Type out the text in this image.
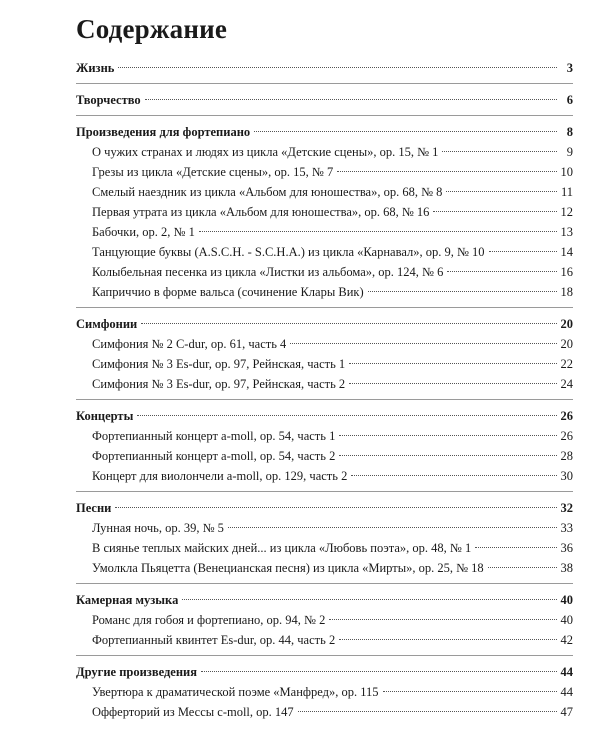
Содержание
Жизнь	3
Творчество	6
Произведения для фортепиано	8
О чужих странах и людях из цикла «Детские сцены», op. 15, № 1	9
Грезы из цикла «Детские сцены», op. 15, № 7	10
Смелый наездник из цикла «Альбом для юношества», op. 68, № 8	11
Первая утрата из цикла «Альбом для юношества», op. 68, № 16	12
Бабочки, op. 2, № 1	13
Танцующие буквы (A.S.C.H. - S.C.H.A.) из цикла «Карнавал», op. 9, № 10	14
Колыбельная песенка из цикла «Листки из альбома», op. 124, № 6	16
Каприччио в форме вальса (сочинение Клары Вик)	18
Симфонии	20
Симфония № 2 C-dur, op. 61, часть 4	20
Симфония № 3 Es-dur, op. 97, Рейнская, часть 1	22
Симфония № 3 Es-dur, op. 97, Рейнская, часть 2	24
Концерты	26
Фортепианный концерт a-moll, op. 54, часть 1	26
Фортепианный концерт a-moll, op. 54, часть 2	28
Концерт для виолончели a-moll, op. 129, часть 2	30
Песни	32
Лунная ночь, op. 39, № 5	33
В сиянье теплых майских дней... из цикла «Любовь поэта», op. 48, № 1	36
Умолкла Пьяцетта (Венецианская песня) из цикла «Мирты», op. 25, № 18	38
Камерная музыка	40
Романс для гобоя и фортепиано, op. 94, № 2	40
Фортепианный квинтет Es-dur, op. 44, часть 2	42
Другие произведения	44
Увертюра к драматической поэме «Манфред», op. 115	44
Офферторий из Мессы c-moll, op. 147	47
